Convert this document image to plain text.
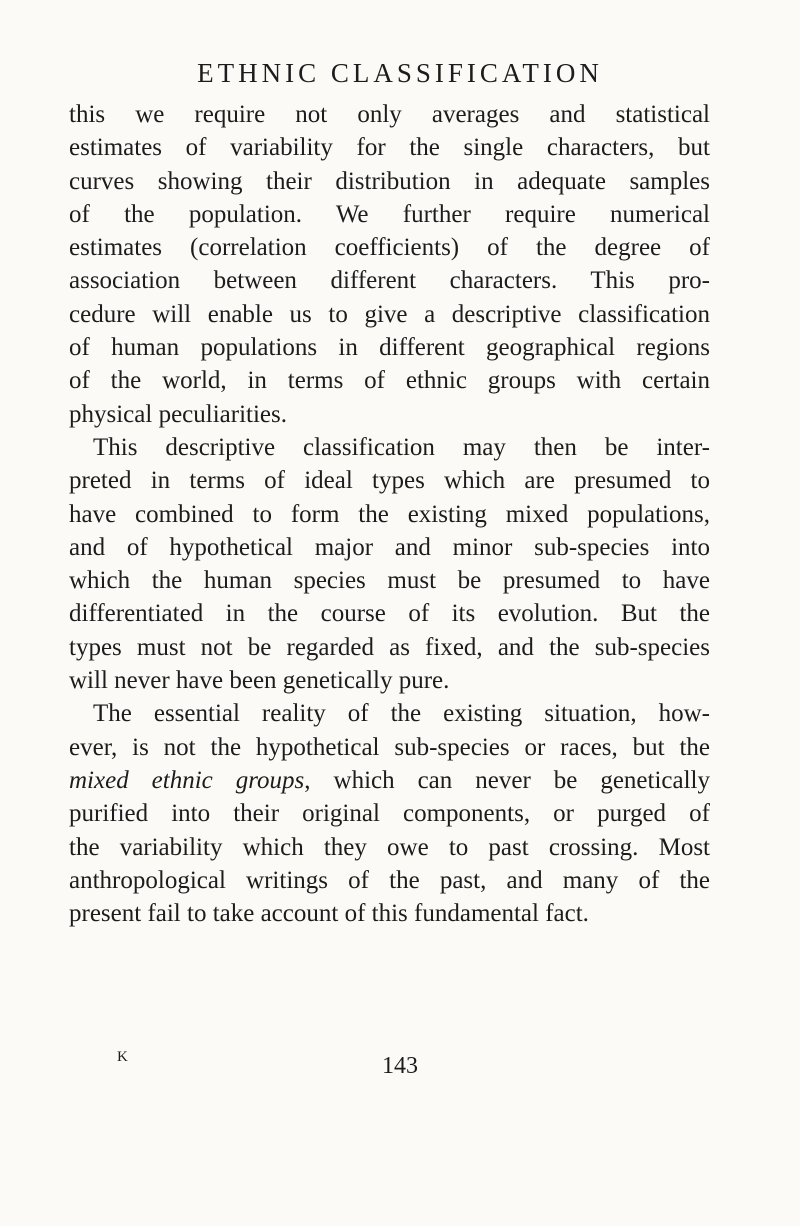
ETHNIC CLASSIFICATION
this we require not only averages and statistical
estimates of variability for the single characters, but
curves showing their distribution in adequate samples
of the population. We further require numerical
estimates (correlation coefficients) of the degree of
association between different characters. This pro-
cedure will enable us to give a descriptive classification
of human populations in different geographical regions
of the world, in terms of ethnic groups with certain
physical peculiarities.
This descriptive classification may then be inter-
preted in terms of ideal types which are presumed to
have combined to form the existing mixed populations,
and of hypothetical major and minor sub-species into
which the human species must be presumed to have
differentiated in the course of its evolution. But the
types must not be regarded as fixed, and the sub-species
will never have been genetically pure.
The essential reality of the existing situation, how-
ever, is not the hypothetical sub-species or races, but the
mixed ethnic groups, which can never be genetically
purified into their original components, or purged of
the variability which they owe to past crossing. Most
anthropological writings of the past, and many of the
present fail to take account of this fundamental fact.
K	143
